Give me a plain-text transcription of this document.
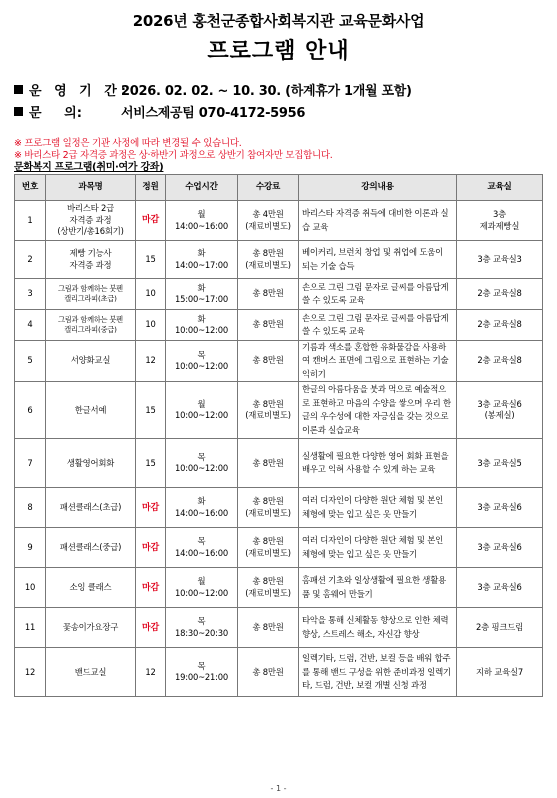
2026년 홍천군종합사회복지관 교육문화사업
프로그램 안내
운 영 기 간:2026. 02. 02. ~ 10. 30. (하계휴가 1개월 포함)
문     의:	서비스제공팀 070-4172-5956
※ 프로그램 일정은 기관 사정에 따라 변경될 수 있습니다.
※ 바리스타 2급 자격증 과정은 상·하반기 과정으로 상반기 참여자만 모집합니다.
문화복지 프로그램(취미·여가 강좌)
번호	과목명	정원	수업시간	수강료	강의내용	교육실
1	바리스타 2급
자격증 과정
(상반기/총16회기)	마감	월
14:00~16:00	총 4만원
(재료비별도)	바리스타 자격증 취득에 대비한 이론과 실습 교육	3층
제과제빵실

2	제빵 기능사
자격증 과정	15	화
14:00~17:00	총 8만원
(재료비별도)	베이커리, 브런치 창업 및 취업에 도움이 되는 기술 습득	3층 교육실3

3	그림과 함께하는 붓펜
캘리그라피(초급)	10	화
15:00~17:00	총 8만원	손으로 그린 그림 문자로 글씨를 아름답게 쓸 수 있도록 교육	2층 교육실8

4	그림과 함께하는 붓펜
캘리그라피(중급)	10	화
10:00~12:00	총 8만원	손으로 그린 그림 문자로 글씨를 아름답게 쓸 수 있도록 교육	2층 교육실8

5	서양화교실	12	목
10:00~12:00	총 8만원	기름과 색소를 혼합한 유화물감을 사용하여 캔버스 표면에 그림으로 표현하는 기술 익히기	2층 교육실8

6	한글서예	15	월
10:00~12:00	총 8만원
(재료비별도)	한글의 아름다움을 붓과 먹으로 예술적으로 표현하고 마음의 수양을 쌓으며 우리 한글의 우수성에 대한 자긍심을 갖는 것으로 이론과 실습교육	3층 교육실6
(봉제실)

7	생활영어회화	15	목
10:00~12:00	총 8만원	실생활에 필요한 다양한 영어 회화 표현을 배우고 익혀 사용할 수 있게 하는 교육	3층 교육실5

8	패션클래스(초급)	마감	화
14:00~16:00	총 8만원
(재료비별도)	여러 디자인이 다양한 원단 체험 및 본인 체형에 맞는 입고 싶은 옷 만들기	3층 교육실6

9	패션클래스(중급)	마감	목
14:00~16:00	총 8만원
(재료비별도)	여러 디자인이 다양한 원단 체험 및 본인 체형에 맞는 입고 싶은 옷 만들기	3층 교육실6

10	소잉 클래스	마감	월
10:00~12:00	총 8만원
(재료비별도)	홈패션 기초와 일상생활에 필요한 생활용품 및 홈웨어 만들기	3층 교육실6

11	꽃송이가요장구	마감	목
18:30~20:30	총 8만원	타악을 통해 신체활동 향상으로 인한 체력향상, 스트레스 해소, 자신감 향상	2층 핑크드림

12	밴드교실	12	목
19:00~21:00	총 8만원	일렉기타, 드럼, 건반, 보컬 등을 배워 합주를 통해 밴드 구성을 위한 준비과정 일렉기타, 드럼, 건반, 보컬 개별 신청 과정	지하 교육실7
- 1 -
